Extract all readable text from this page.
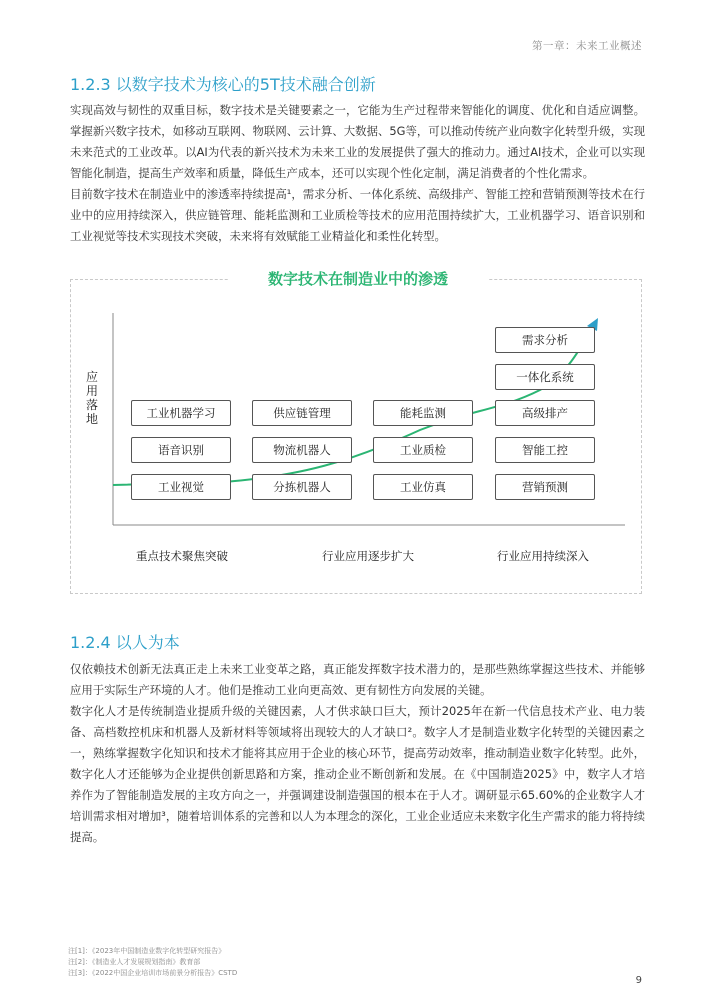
第一章：未来工业概述
1.2.3 以数字技术为核心的5T技术融合创新

实现高效与韧性的双重目标，数字技术是关键要素之一，它能为生产过程带来智能化的调度、优化和自适应调整。掌握新兴数字技术，如移动互联网、物联网、云计算、大数据、5G等，可以推动传统产业向数字化转型升级，实现未来范式的工业改革。以AI为代表的新兴技术为未来工业的发展提供了强大的推动力。通过AI技术，企业可以实现智能化制造，提高生产效率和质量，降低生产成本，还可以实现个性化定制，满足消费者的个性化需求。

目前数字技术在制造业中的渗透率持续提高¹，需求分析、一体化系统、高级排产、智能工控和营销预测等技术在行业中的应用持续深入，供应链管理、能耗监测和工业质检等技术的应用范围持续扩大，工业机器学习、语音识别和工业视觉等技术实现技术突破，未来将有效赋能工业精益化和柔性化转型。

数字技术在制造业中的渗透
应用落地	工业机器学习
语音识别
工业视觉
供应链管理
物流机器人
分拣机器人
能耗监测
工业质检
工业仿真
需求分析
一体化系统
高级排产
智能工控
营销预测
重点技术聚焦突破	行业应用逐步扩大	行业应用持续深入
1.2.4 以人为本

仅依赖技术创新无法真正走上未来工业变革之路，真正能发挥数字技术潜力的，是那些熟练掌握这些技术、并能够应用于实际生产环境的人才。他们是推动工业向更高效、更有韧性方向发展的关键。

数字化人才是传统制造业提质升级的关键因素，人才供求缺口巨大，预计2025年在新一代信息技术产业、电力装备、高档数控机床和机器人及新材料等领域将出现较大的人才缺口²。数字人才是制造业数字化转型的关键因素之一，熟练掌握数字化知识和技术才能将其应用于企业的核心环节，提高劳动效率，推动制造业数字化转型。此外，数字化人才还能够为企业提供创新思路和方案，推动企业不断创新和发展。在《中国制造2025》中，数字人才培养作为了智能制造发展的主攻方向之一，并强调建设制造强国的根本在于人才。调研显示65.60%的企业数字人才培训需求相对增加³，随着培训体系的完善和以人为本理念的深化，工业企业适应未来数字化生产需求的能力将持续提高。

注[1]：《2023年中国制造业数字化转型研究报告》
注[2]：《制造业人才发展规划指南》教育部
注[3]：《2022中国企业培训市场前景分析报告》CSTD
9
